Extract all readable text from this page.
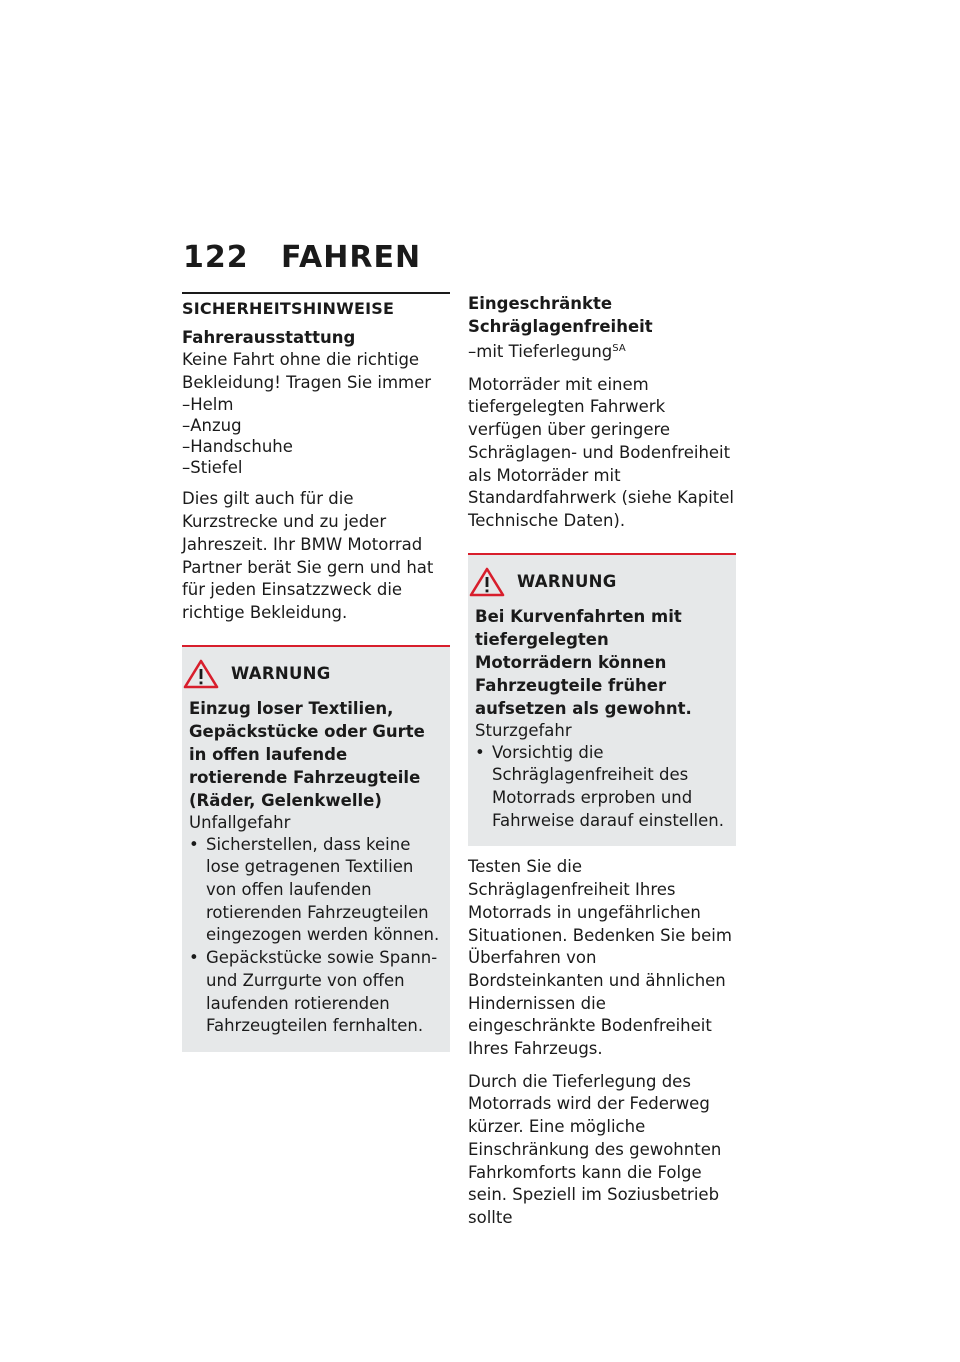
122 FAHREN
SICHERHEITSHINWEISE
Fahrerausstattung

Keine Fahrt ohne die richtige Bekleidung! Tragen Sie immer

– Helm
– Anzug
– Handschuhe
– Stiefel

Dies gilt auch für die Kurzstrecke und zu jeder Jahreszeit. Ihr BMW Motorrad Partner berät Sie gern und hat für jeden Einsatzzweck die richtige Bekleidung.

WARNUNG
Einzug loser Textilien, Gepäckstücke oder Gurte in offen laufende rotierende Fahrzeugteile (Räder, Gelenkwelle)
Unfallgefahr
• Sicherstellen, dass keine lose getragenen Textilien von offen laufenden rotierenden Fahrzeugteilen eingezogen werden können.
• Gepäckstücke sowie Spann- und Zurrgurte von offen laufenden rotierenden Fahrzeugteilen fernhalten.
Eingeschränkte Schräglagenfreiheit

–mit Tieferlegung$^{SA}$

Motorräder mit einem tiefergelegten Fahrwerk verfügen über geringere Schräglagen- und Bodenfreiheit als Motorräder mit Standardfahrwerk (siehe Kapitel Technische Daten).

WARNUNG
Bei Kurvenfahrten mit tiefergelegten Motorrädern können Fahrzeugteile früher aufsetzen als gewohnt.
Sturzgefahr
• Vorsichtig die Schräglagenfreiheit des Motorrads erproben und Fahrweise darauf einstellen.

Testen Sie die Schräglagenfreiheit Ihres Motorrads in ungefährlichen Situationen. Bedenken Sie beim Überfahren von Bordsteinkanten und ähnlichen Hindernissen die eingeschränkte Bodenfreiheit Ihres Fahrzeugs.

Durch die Tieferlegung des Motorrads wird der Federweg kürzer. Eine mögliche Einschränkung des gewohnten Fahrkomforts kann die Folge sein. Speziell im Soziusbetrieb sollte
